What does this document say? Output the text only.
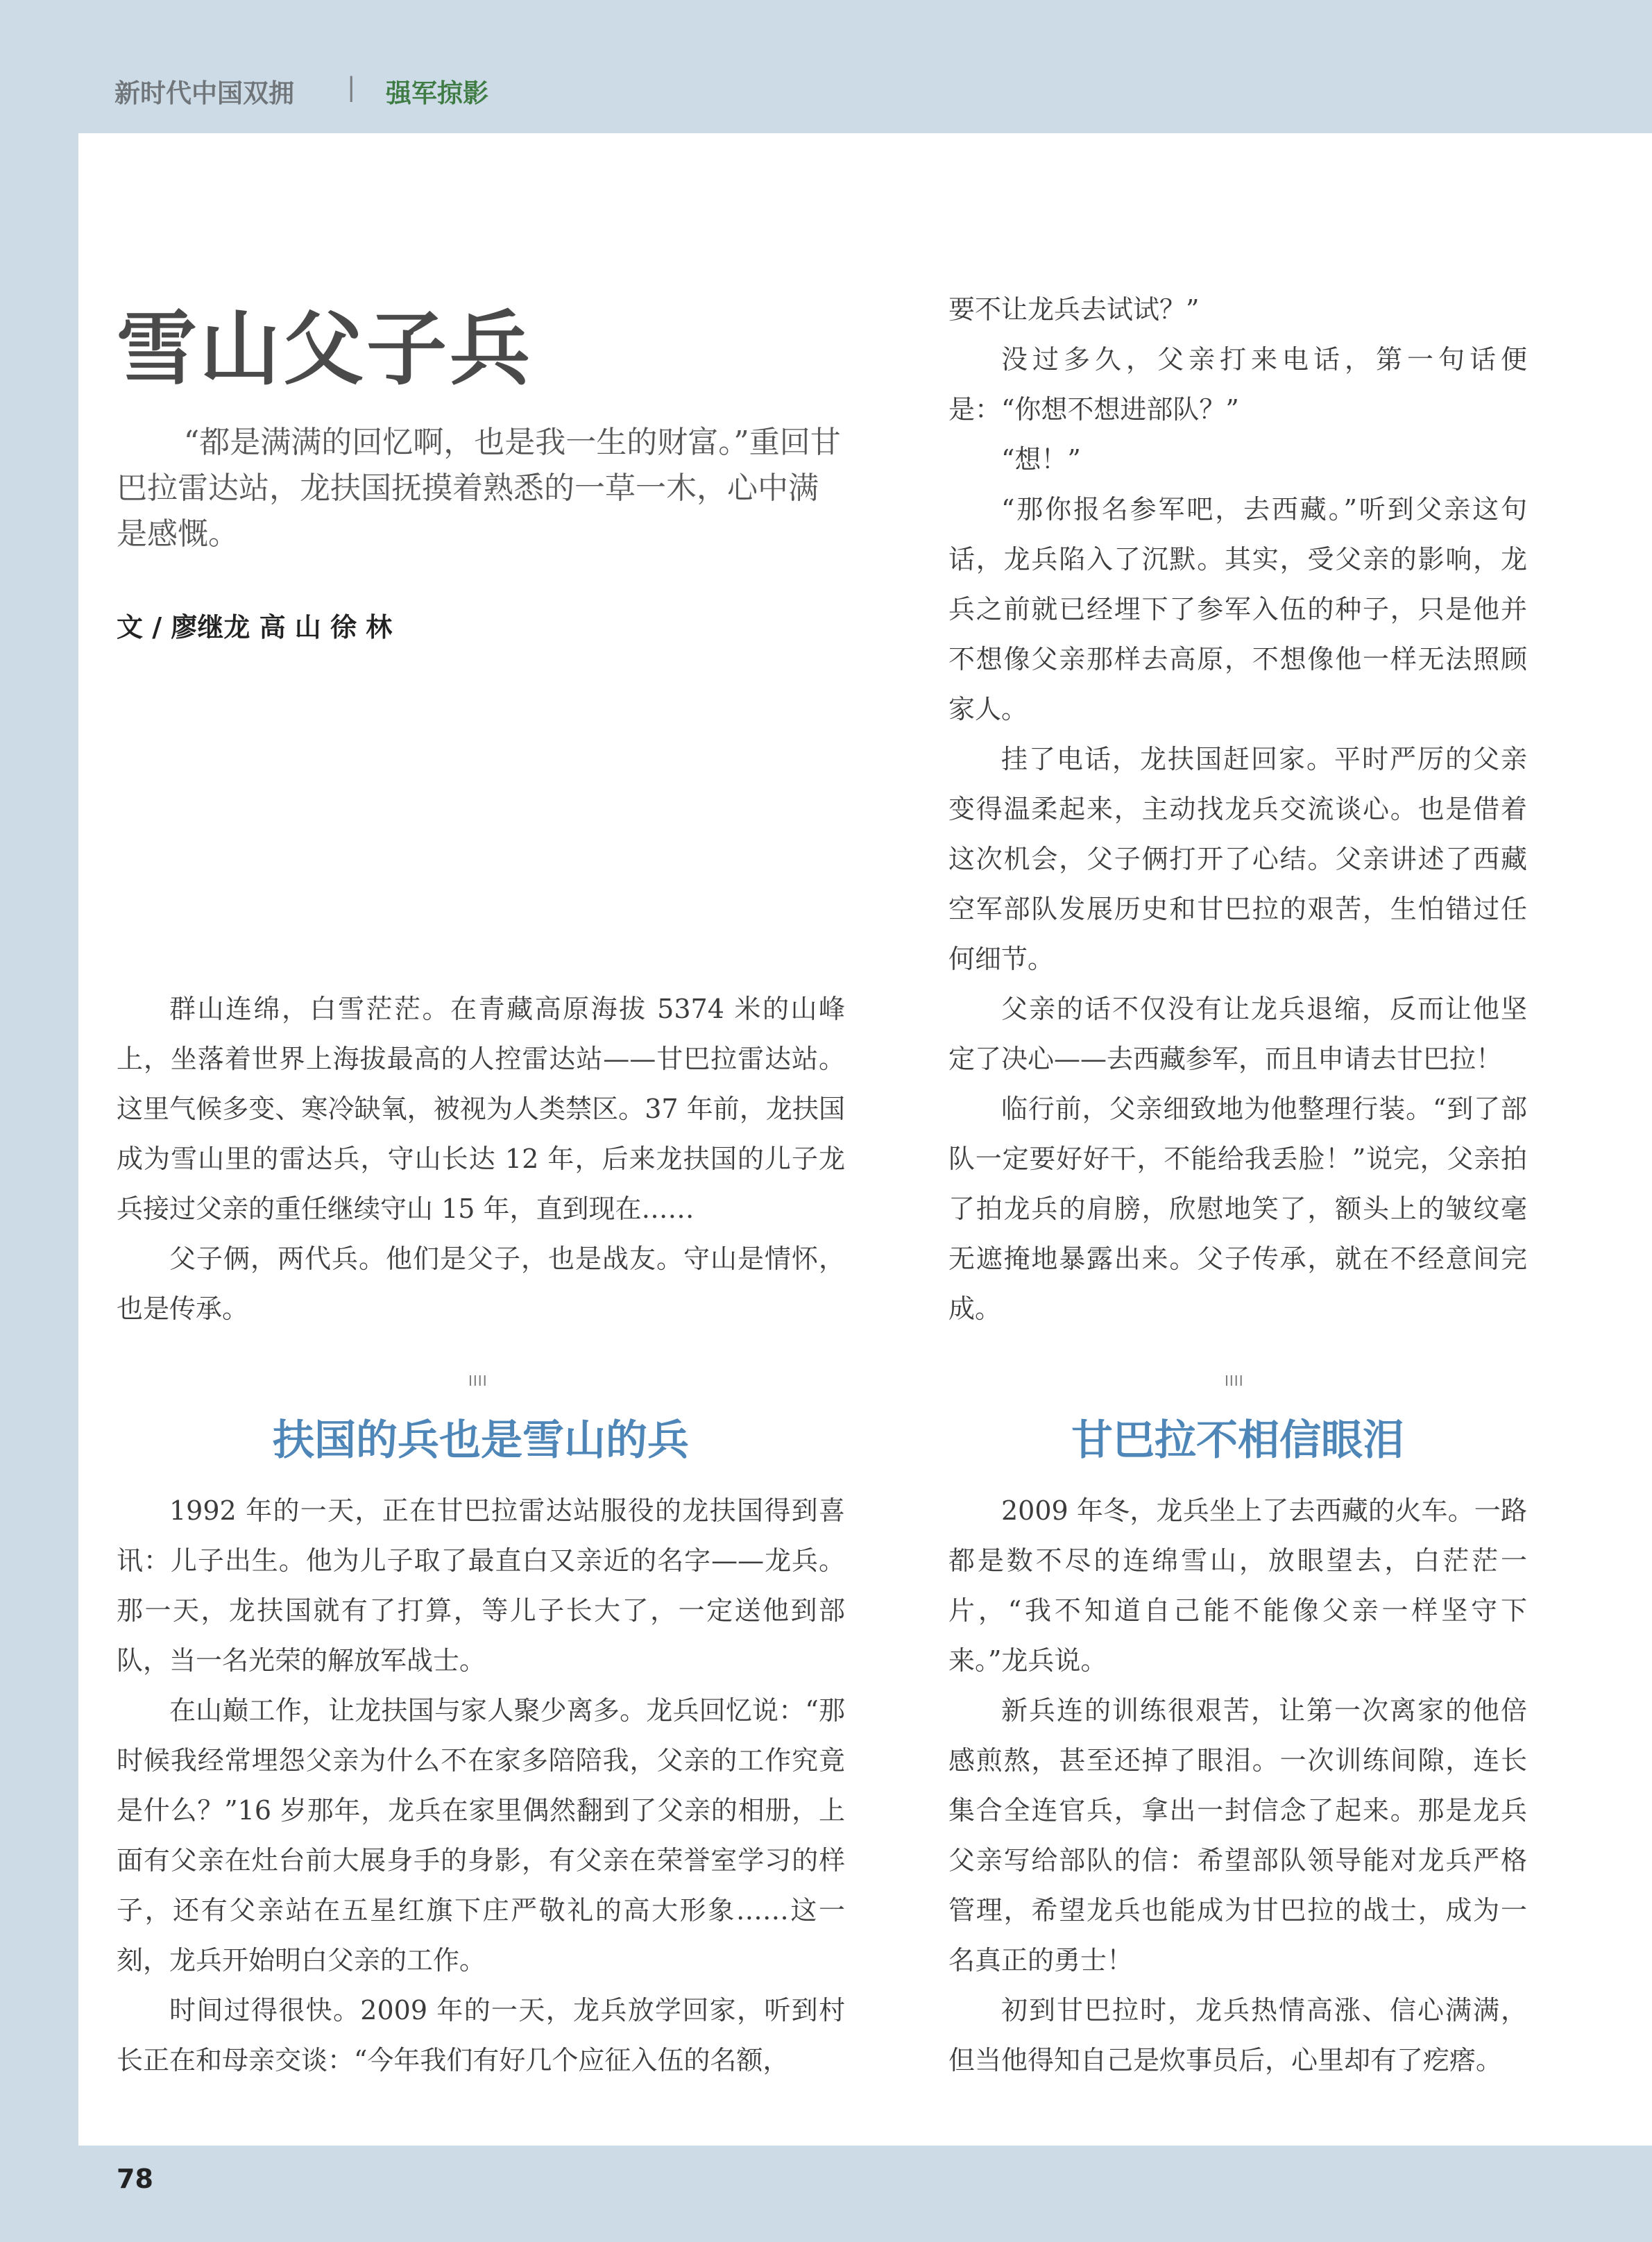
新时代中国双拥 | 强军掠影
雪山父子兵
“都是满满的回忆啊，也是我一生的财富。”重回甘巴拉雷达站，龙扶国抚摸着熟悉的一草一木，心中满是感慨。
文 / 廖继龙 高 山 徐 林

群山连绵，白雪茫茫。在青藏高原海拔 5374 米的山峰上，坐落着世界上海拔最高的人控雷达站——甘巴拉雷达站。这里气候多变、寒冷缺氧，被视为人类禁区。37 年前，龙扶国成为雪山里的雷达兵，守山长达 12 年，后来龙扶国的儿子龙兵接过父亲的重任继续守山 15 年，直到现在……

父子俩，两代兵。他们是父子，也是战友。守山是情怀，也是传承。

IIII
扶国的兵也是雪山的兵

1992 年的一天，正在甘巴拉雷达站服役的龙扶国得到喜讯：儿子出生。他为儿子取了最直白又亲近的名字——龙兵。那一天，龙扶国就有了打算，等儿子长大了，一定送他到部队，当一名光荣的解放军战士。

在山巅工作，让龙扶国与家人聚少离多。龙兵回忆说：“那时候我经常埋怨父亲为什么不在家多陪陪我，父亲的工作究竟是什么？”16 岁那年，龙兵在家里偶然翻到了父亲的相册，上面有父亲在灶台前大展身手的身影，有父亲在荣誉室学习的样子，还有父亲站在五星红旗下庄严敬礼的高大形象……这一刻，龙兵开始明白父亲的工作。

时间过得很快。2009 年的一天，龙兵放学回家，听到村长正在和母亲交谈：“今年我们有好几个应征入伍的名额，

要不让龙兵去试试？”

没过多久，父亲打来电话，第一句话便是：“你想不想进部队？”

“想！”

“那你报名参军吧，去西藏。”听到父亲这句话，龙兵陷入了沉默。其实，受父亲的影响，龙兵之前就已经埋下了参军入伍的种子，只是他并不想像父亲那样去高原，不想像他一样无法照顾家人。

挂了电话，龙扶国赶回家。平时严厉的父亲变得温柔起来，主动找龙兵交流谈心。也是借着这次机会，父子俩打开了心结。父亲讲述了西藏空军部队发展历史和甘巴拉的艰苦，生怕错过任何细节。

父亲的话不仅没有让龙兵退缩，反而让他坚定了决心——去西藏参军，而且申请去甘巴拉！

临行前，父亲细致地为他整理行装。“到了部队一定要好好干，不能给我丢脸！”说完，父亲拍了拍龙兵的肩膀，欣慰地笑了，额头上的皱纹毫无遮掩地暴露出来。父子传承，就在不经意间完成。

IIII
甘巴拉不相信眼泪

2009 年冬，龙兵坐上了去西藏的火车。一路都是数不尽的连绵雪山，放眼望去，白茫茫一片，“我不知道自己能不能像父亲一样坚守下来。”龙兵说。

新兵连的训练很艰苦，让第一次离家的他倍感煎熬，甚至还掉了眼泪。一次训练间隙，连长集合全连官兵，拿出一封信念了起来。那是龙兵父亲写给部队的信：希望部队领导能对龙兵严格管理，希望龙兵也能成为甘巴拉的战士，成为一名真正的勇士！

初到甘巴拉时，龙兵热情高涨、信心满满，但当他得知自己是炊事员后，心里却有了疙瘩。

78
